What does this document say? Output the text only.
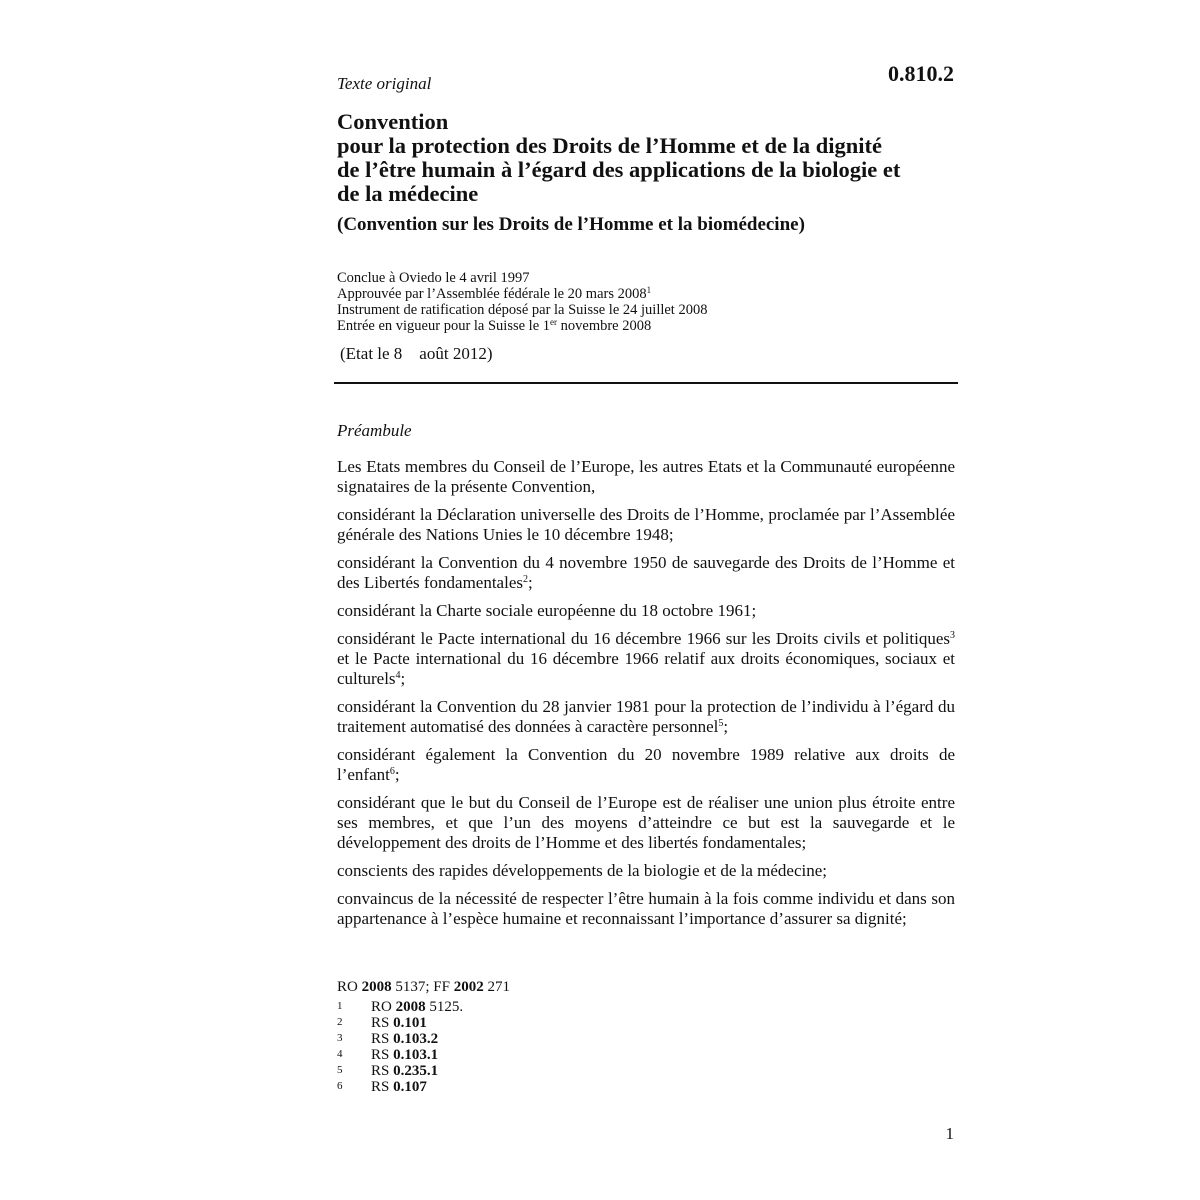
Texte original	0.810.2
Convention
pour la protection des Droits de l’Homme et de la dignité
de l’être humain à l’égard des applications de la biologie et
de la médecine
(Convention sur les Droits de l’Homme et la biomédecine)
Conclue à Oviedo le 4 avril 1997
Approuvée par l’Assemblée fédérale le 20 mars 2008$^1$
Instrument de ratification déposé par la Suisse le 24 juillet 2008
Entrée en vigueur pour la Suisse le 1er novembre 2008
(Etat le 8    août 2012)
Préambule

Les Etats membres du Conseil de l’Europe, les autres Etats et la Communauté européenne signataires de la présente Convention,

considérant la Déclaration universelle des Droits de l’Homme, proclamée par l’Assemblée générale des Nations Unies le 10 décembre 1948;

considérant la Convention du 4 novembre 1950 de sauvegarde des Droits de l’Homme et des Libertés fondamentales$^2$;

considérant la Charte sociale européenne du 18 octobre 1961;

considérant le Pacte international du 16 décembre 1966 sur les Droits civils et politiques$^3$ et le Pacte international du 16 décembre 1966 relatif aux droits économiques, sociaux et culturels$^4$;

considérant la Convention du 28 janvier 1981 pour la protection de l’individu à l’égard du traitement automatisé des données à caractère personnel$^5$;

considérant également la Convention du 20 novembre 1989 relative aux droits de l’enfant$^6$;

considérant que le but du Conseil de l’Europe est de réaliser une union plus étroite entre ses membres, et que l’un des moyens d’atteindre ce but est la sauvegarde et le développement des droits de l’Homme et des libertés fondamentales;

conscients des rapides développements de la biologie et de la médecine;

convaincus de la nécessité de respecter l’être humain à la fois comme individu et dans son appartenance à l’espèce humaine et reconnaissant l’importance d’assurer sa dignité;

RO 2008 5137; FF 2002 271
1	RO 2008 5125.
2	RS 0.101
3	RS 0.103.2
4	RS 0.103.1
5	RS 0.235.1
6	RS 0.107
1
